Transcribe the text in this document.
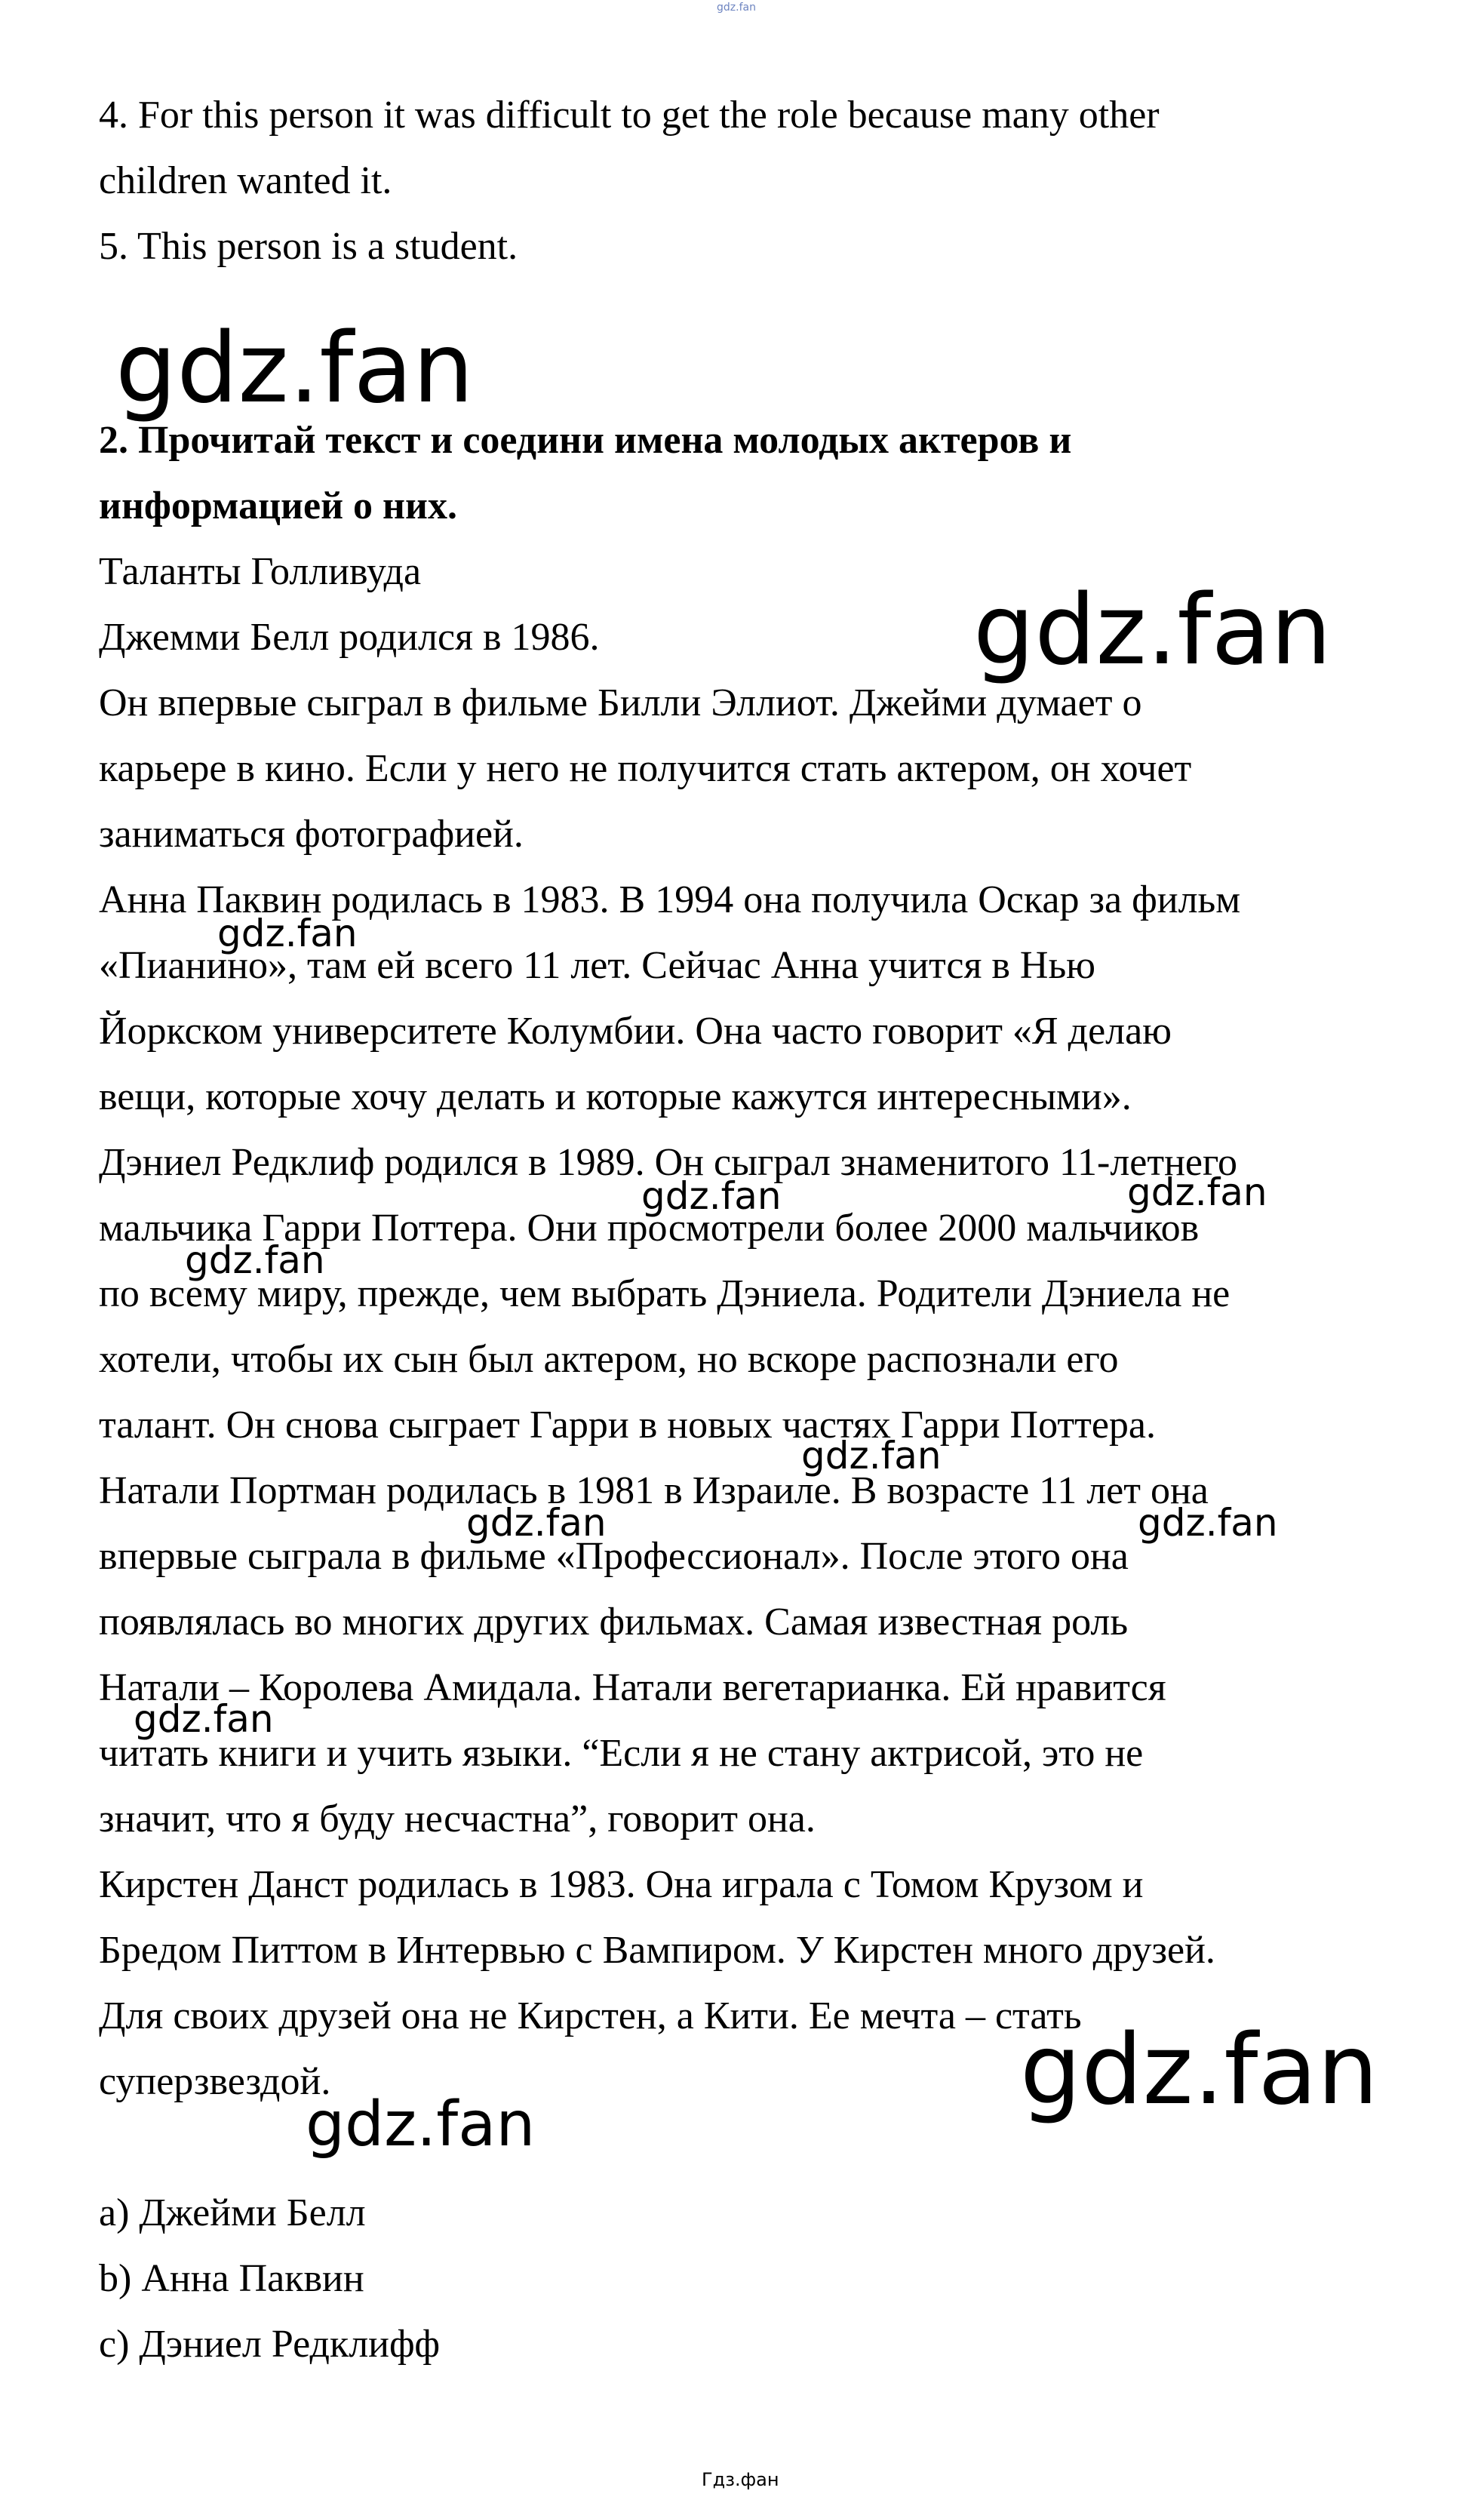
gdz.fan
4. For this person it was difficult to get the role because many other
children wanted it.
5. This person is a student.
2. Прочитай текст и соедини имена молодых актеров и
информацией о них.
Таланты Голливуда
Джемми Белл родился в 1986.
Он впервые сыграл в фильме Билли Эллиот. Джейми думает о
карьере в кино. Если у него не получится стать актером, он хочет
заниматься фотографией.
Анна Паквин родилась в 1983. В 1994 она получила Оскар за фильм
«Пианино», там ей всего 11 лет. Сейчас Анна учится в Нью
Йоркском университете Колумбии. Она часто говорит «Я делаю
вещи, которые хочу делать и которые кажутся интересными».
Дэниел Редклиф родился в 1989. Он сыграл знаменитого 11-летнего
мальчика Гарри Поттера. Они просмотрели более 2000 мальчиков
по всему миру, прежде, чем выбрать Дэниела. Родители Дэниела не
хотели, чтобы их сын был актером, но вскоре распознали его
талант. Он снова сыграет Гарри в новых частях Гарри Поттера.
Натали Портман родилась в 1981 в Израиле. В возрасте 11 лет она
впервые сыграла в фильме «Профессионал». После этого она
появлялась во многих других фильмах. Самая известная роль
Натали – Королева Амидала. Натали вегетарианка. Ей нравится
читать книги и учить языки. “Если я не стану актрисой, это не
значит, что я буду несчастна”, говорит она.
Кирстен Данст родилась в 1983. Она играла с Томом Крузом и
Бредом Питтом в Интервью с Вампиром. У Кирстен много друзей.
Для своих друзей она не Кирстен, а Кити. Ее мечта – стать
суперзвездой.
a) Джейми Белл
b) Анна Паквин
c) Дэниел Редклифф
gdz.fan
gdz.fan
gdz.fan
gdz.fan	gdz.fan
gdz.fan
gdz.fan
gdz.fan	gdz.fan
gdz.fan
gdz.fan
gdz.fan
Гдз.фан
